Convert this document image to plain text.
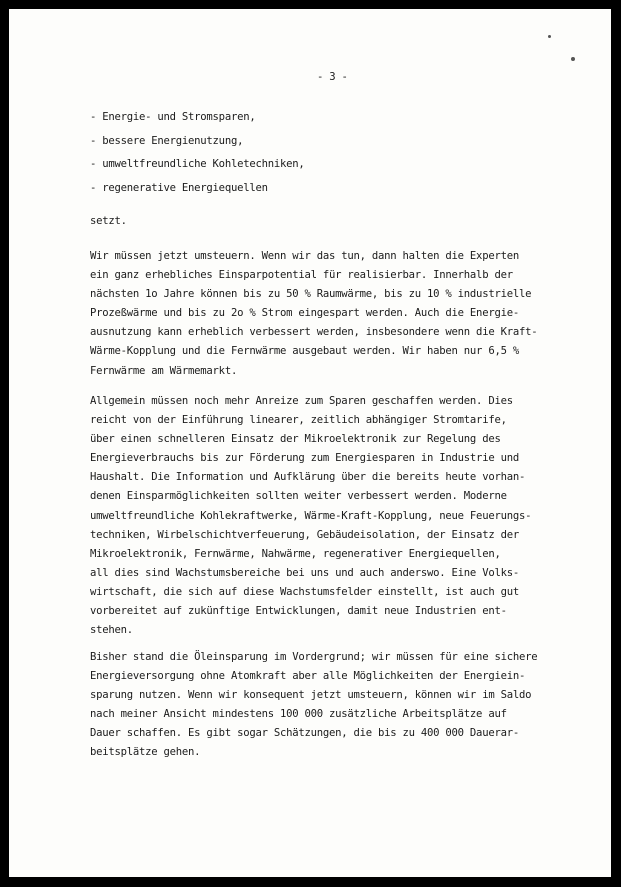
- 3 -
- Energie- und Stromsparen,
- bessere Energienutzung,
- umweltfreundliche Kohletechniken,
- regenerative Energiequellen
setzt.
Wir müssen jetzt umsteuern. Wenn wir das tun, dann halten die Experten
ein ganz erhebliches Einsparpotential für realisierbar. Innerhalb der
nächsten 1o Jahre können bis zu 50 % Raumwärme, bis zu 10 % industrielle
Prozeßwärme und bis zu 2o % Strom eingespart werden. Auch die Energie-
ausnutzung kann erheblich verbessert werden, insbesondere wenn die Kraft-
Wärme-Kopplung und die Fernwärme ausgebaut werden. Wir haben nur 6,5 %
Fernwärme am Wärmemarkt.
Allgemein müssen noch mehr Anreize zum Sparen geschaffen werden. Dies
reicht von der Einführung linearer, zeitlich abhängiger Stromtarife,
über einen schnelleren Einsatz der Mikroelektronik zur Regelung des
Energieverbrauchs bis zur Förderung zum Energiesparen in Industrie und
Haushalt. Die Information und Aufklärung über die bereits heute vorhan-
denen Einsparmöglichkeiten sollten weiter verbessert werden. Moderne
umweltfreundliche Kohlekraftwerke, Wärme-Kraft-Kopplung, neue Feuerungs-
techniken, Wirbelschichtverfeuerung, Gebäudeisolation, der Einsatz der
Mikroelektronik, Fernwärme, Nahwärme, regenerativer Energiequellen,
all dies sind Wachstumsbereiche bei uns und auch anderswo. Eine Volks-
wirtschaft, die sich auf diese Wachstumsfelder einstellt, ist auch gut
vorbereitet auf zukünftige Entwicklungen, damit neue Industrien ent-
stehen.
Bisher stand die Öleinsparung im Vordergrund; wir müssen für eine sichere
Energieversorgung ohne Atomkraft aber alle Möglichkeiten der Energiein-
sparung nutzen. Wenn wir konsequent jetzt umsteuern, können wir im Saldo
nach meiner Ansicht mindestens 100 000 zusätzliche Arbeitsplätze auf
Dauer schaffen. Es gibt sogar Schätzungen, die bis zu 400 000 Dauerar-
beitsplätze gehen.
